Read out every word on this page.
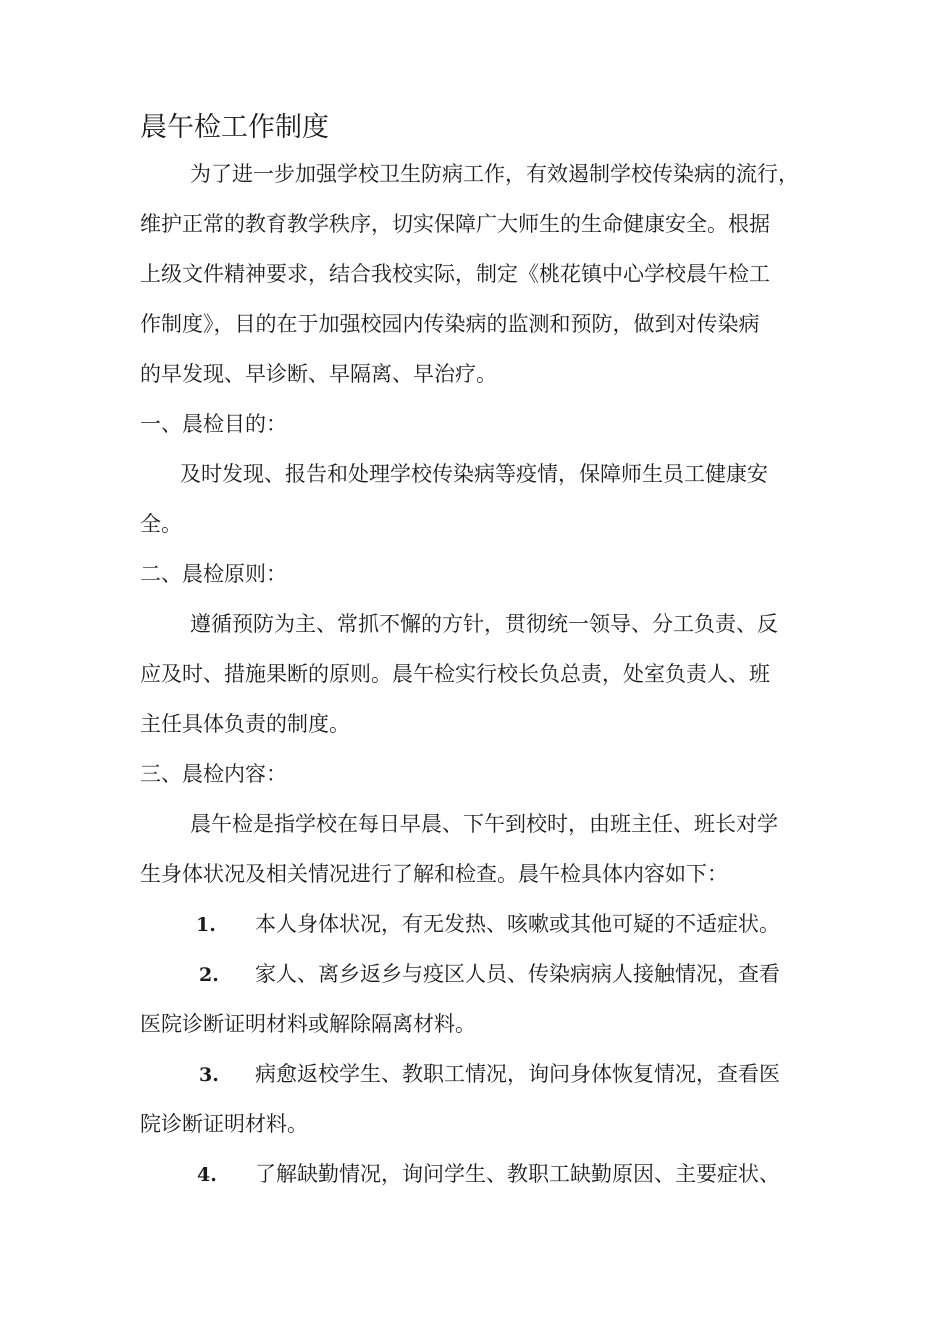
晨午检工作制度
为了进一步加强学校卫生防病工作，有效遏制学校传染病的流行，
维护正常的教育教学秩序，切实保障广大师生的生命健康安全。根据
上级文件精神要求，结合我校实际，制定《桃花镇中心学校晨午检工
作制度》，目的在于加强校园内传染病的监测和预防，做到对传染病
的早发现、早诊断、早隔离、早治疗。
一、晨检目的：
及时发现、报告和处理学校传染病等疫情，保障师生员工健康安
全。
二、晨检原则：
遵循预防为主、常抓不懈的方针，贯彻统一领导、分工负责、反
应及时、措施果断的原则。晨午检实行校长负总责，处室负责人、班
主任具体负责的制度。
三、晨检内容：
晨午检是指学校在每日早晨、下午到校时，由班主任、班长对学
生身体状况及相关情况进行了解和检查。晨午检具体内容如下：
1. 本人身体状况，有无发热、咳嗽或其他可疑的不适症状。
2. 家人、离乡返乡与疫区人员、传染病病人接触情况，查看
医院诊断证明材料或解除隔离材料。
3. 病愈返校学生、教职工情况，询问身体恢复情况，查看医
院诊断证明材料。
4. 了解缺勤情况，询问学生、教职工缺勤原因、主要症状、
